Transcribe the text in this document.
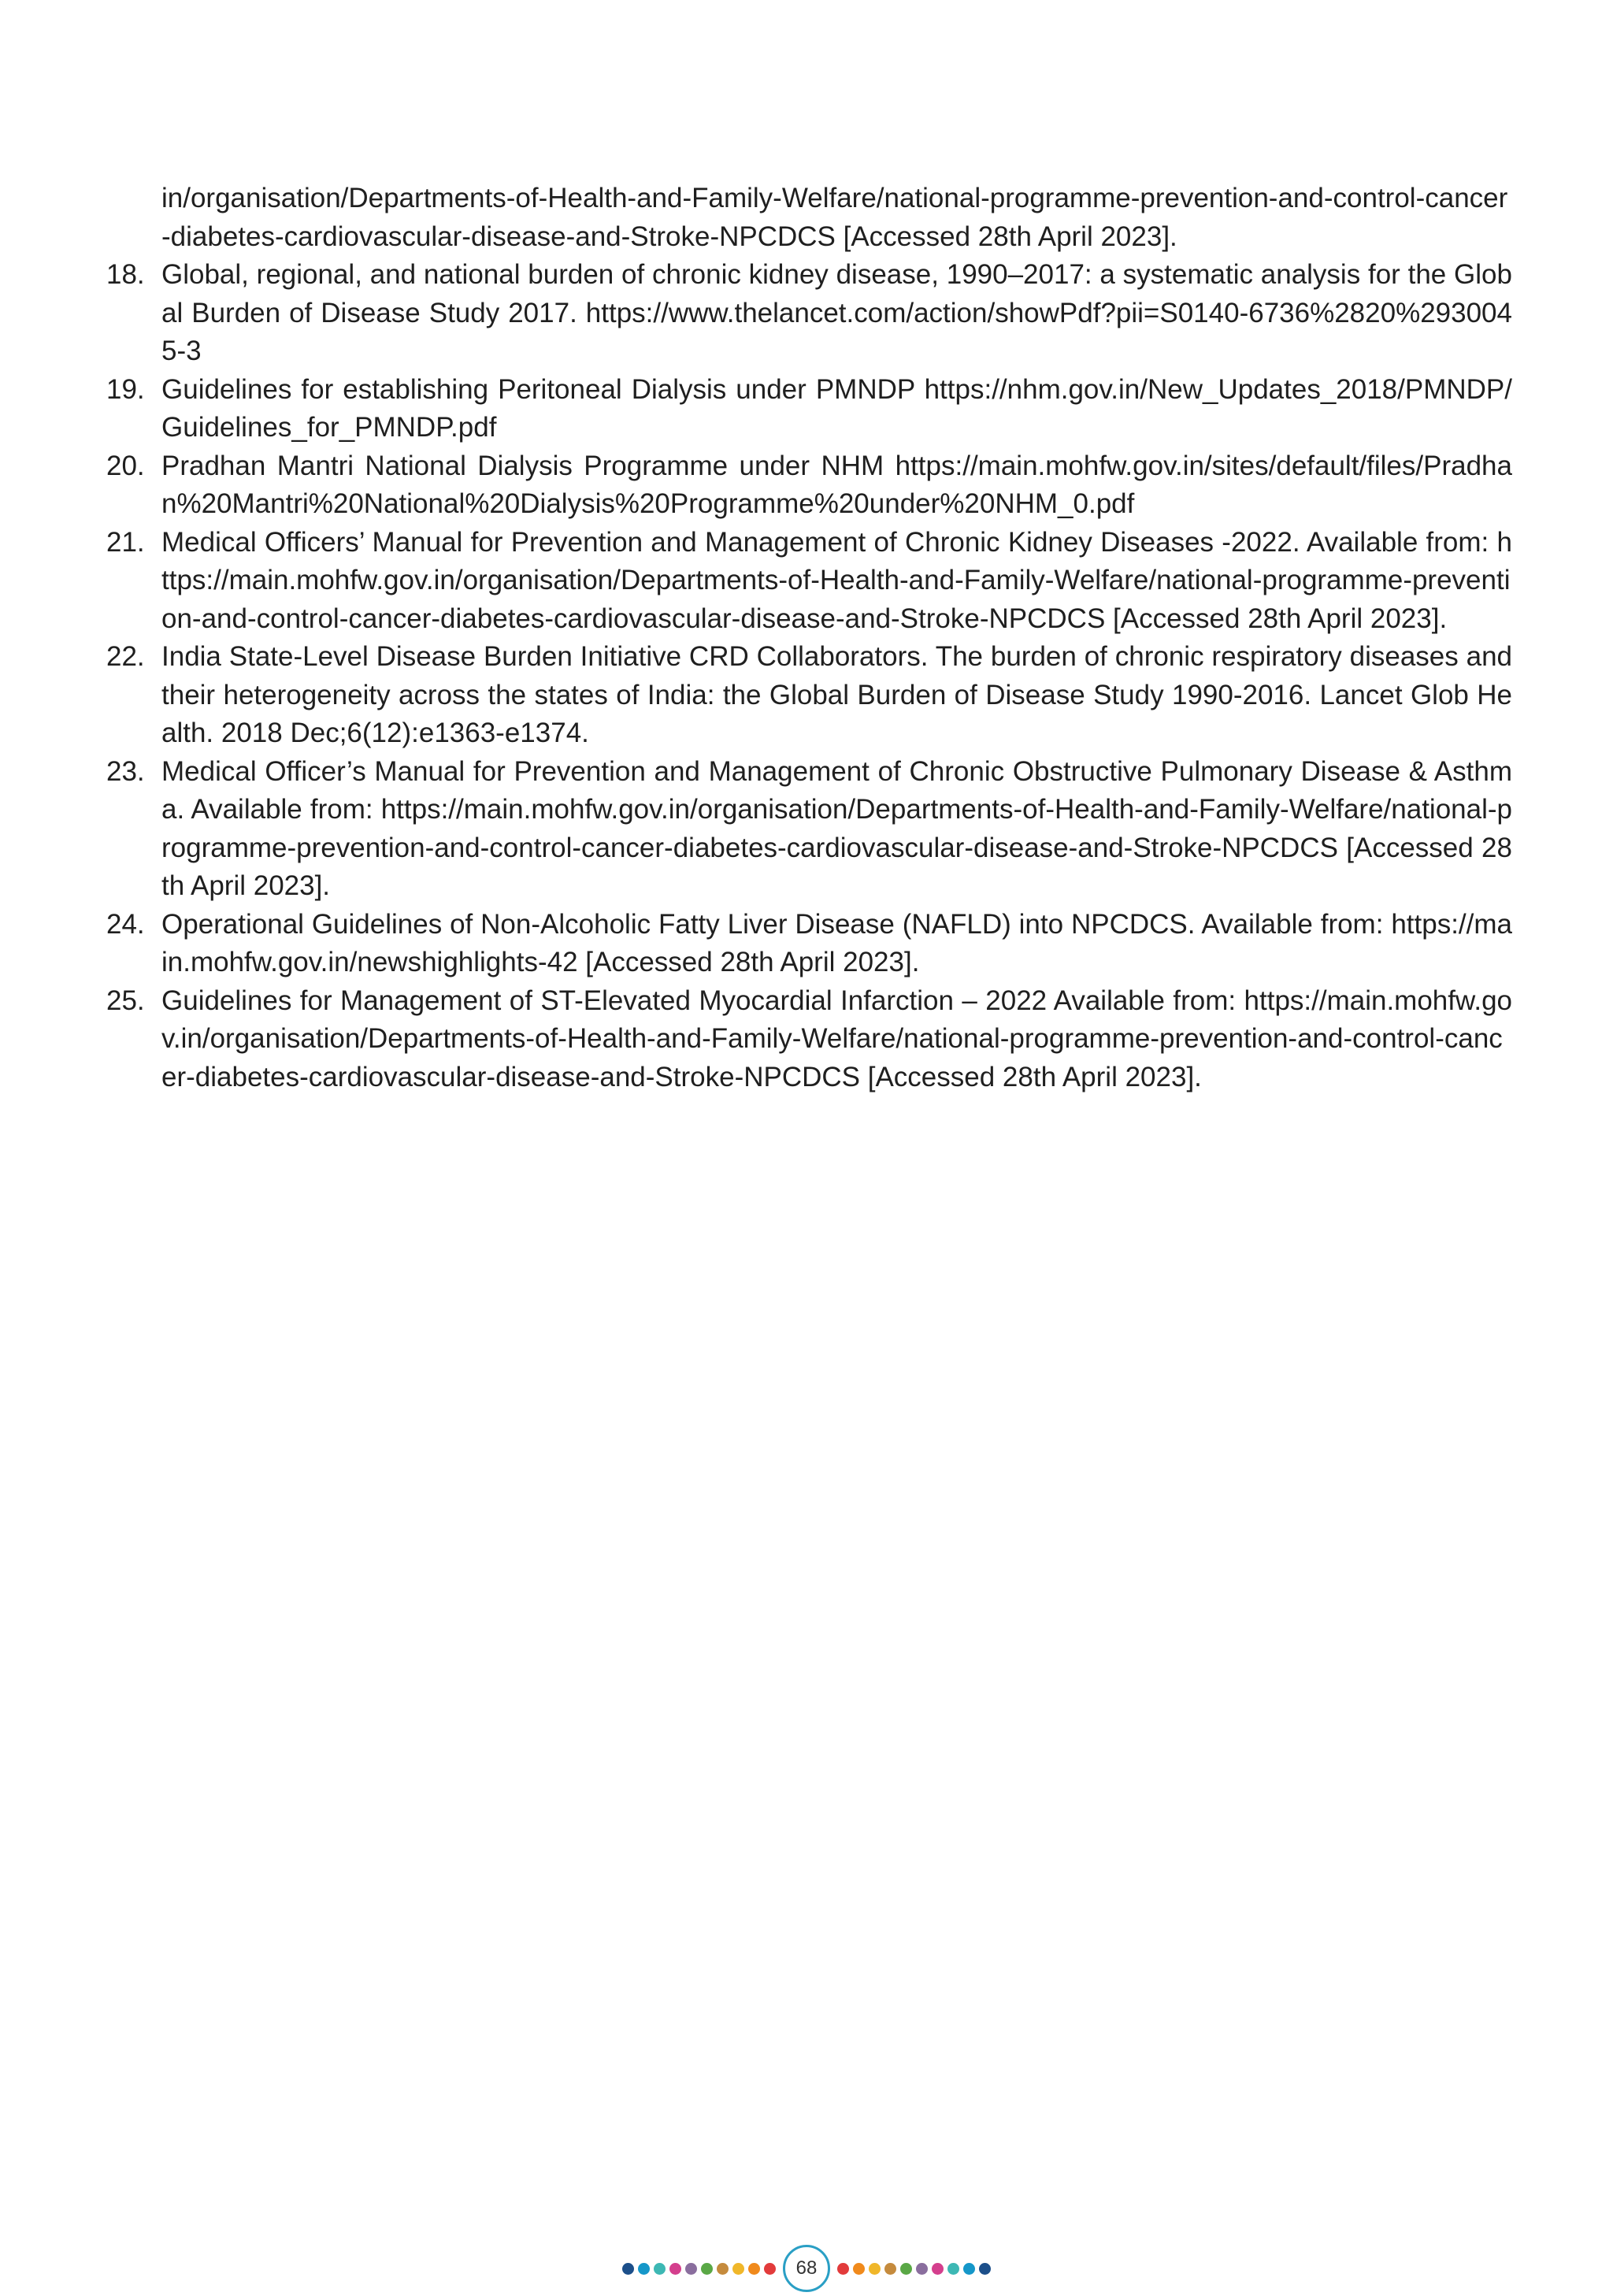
in/organisation/Departments-of-Health-and-Family-Welfare/national-programme-prevention-and-control-cancer-diabetes-cardiovascular-disease-and-Stroke-NPCDCS [Accessed 28th April 2023].
18. Global, regional, and national burden of chronic kidney disease, 1990–2017: a systematic analysis for the Global Burden of Disease Study 2017. https://www.thelancet.com/action/showPdf?pii=S0140-6736%2820%2930045-3
19. Guidelines for establishing Peritoneal Dialysis under PMNDP https://nhm.gov.in/New_Updates_2018/PMNDP/Guidelines_for_PMNDP.pdf
20. Pradhan Mantri National Dialysis Programme under NHM https://main.mohfw.gov.in/sites/default/files/Pradhan%20Mantri%20National%20Dialysis%20Programme%20under%20NHM_0.pdf
21. Medical Officers’ Manual for Prevention and Management of Chronic Kidney Diseases -2022. Available from: https://main.mohfw.gov.in/organisation/Departments-of-Health-and-Family-Welfare/national-programme-prevention-and-control-cancer-diabetes-cardiovascular-disease-and-Stroke-NPCDCS [Accessed 28th April 2023].
22. India State-Level Disease Burden Initiative CRD Collaborators. The burden of chronic respiratory diseases and their heterogeneity across the states of India: the Global Burden of Disease Study 1990-2016. Lancet Glob Health. 2018 Dec;6(12):e1363-e1374.
23. Medical Officer’s Manual for Prevention and Management of Chronic Obstructive Pulmonary Disease & Asthma. Available from: https://main.mohfw.gov.in/organisation/Departments-of-Health-and-Family-Welfare/national-programme-prevention-and-control-cancer-diabetes-cardiovascular-disease-and-Stroke-NPCDCS [Accessed 28th April 2023].
24. Operational Guidelines of Non-Alcoholic Fatty Liver Disease (NAFLD) into NPCDCS. Available from: https://main.mohfw.gov.in/newshighlights-42 [Accessed 28th April 2023].
25. Guidelines for Management of ST-Elevated Myocardial Infarction – 2022 Available from: https://main.mohfw.gov.in/organisation/Departments-of-Health-and-Family-Welfare/national-programme-prevention-and-control-cancer-diabetes-cardiovascular-disease-and-Stroke-NPCDCS [Accessed 28th April 2023].
68
